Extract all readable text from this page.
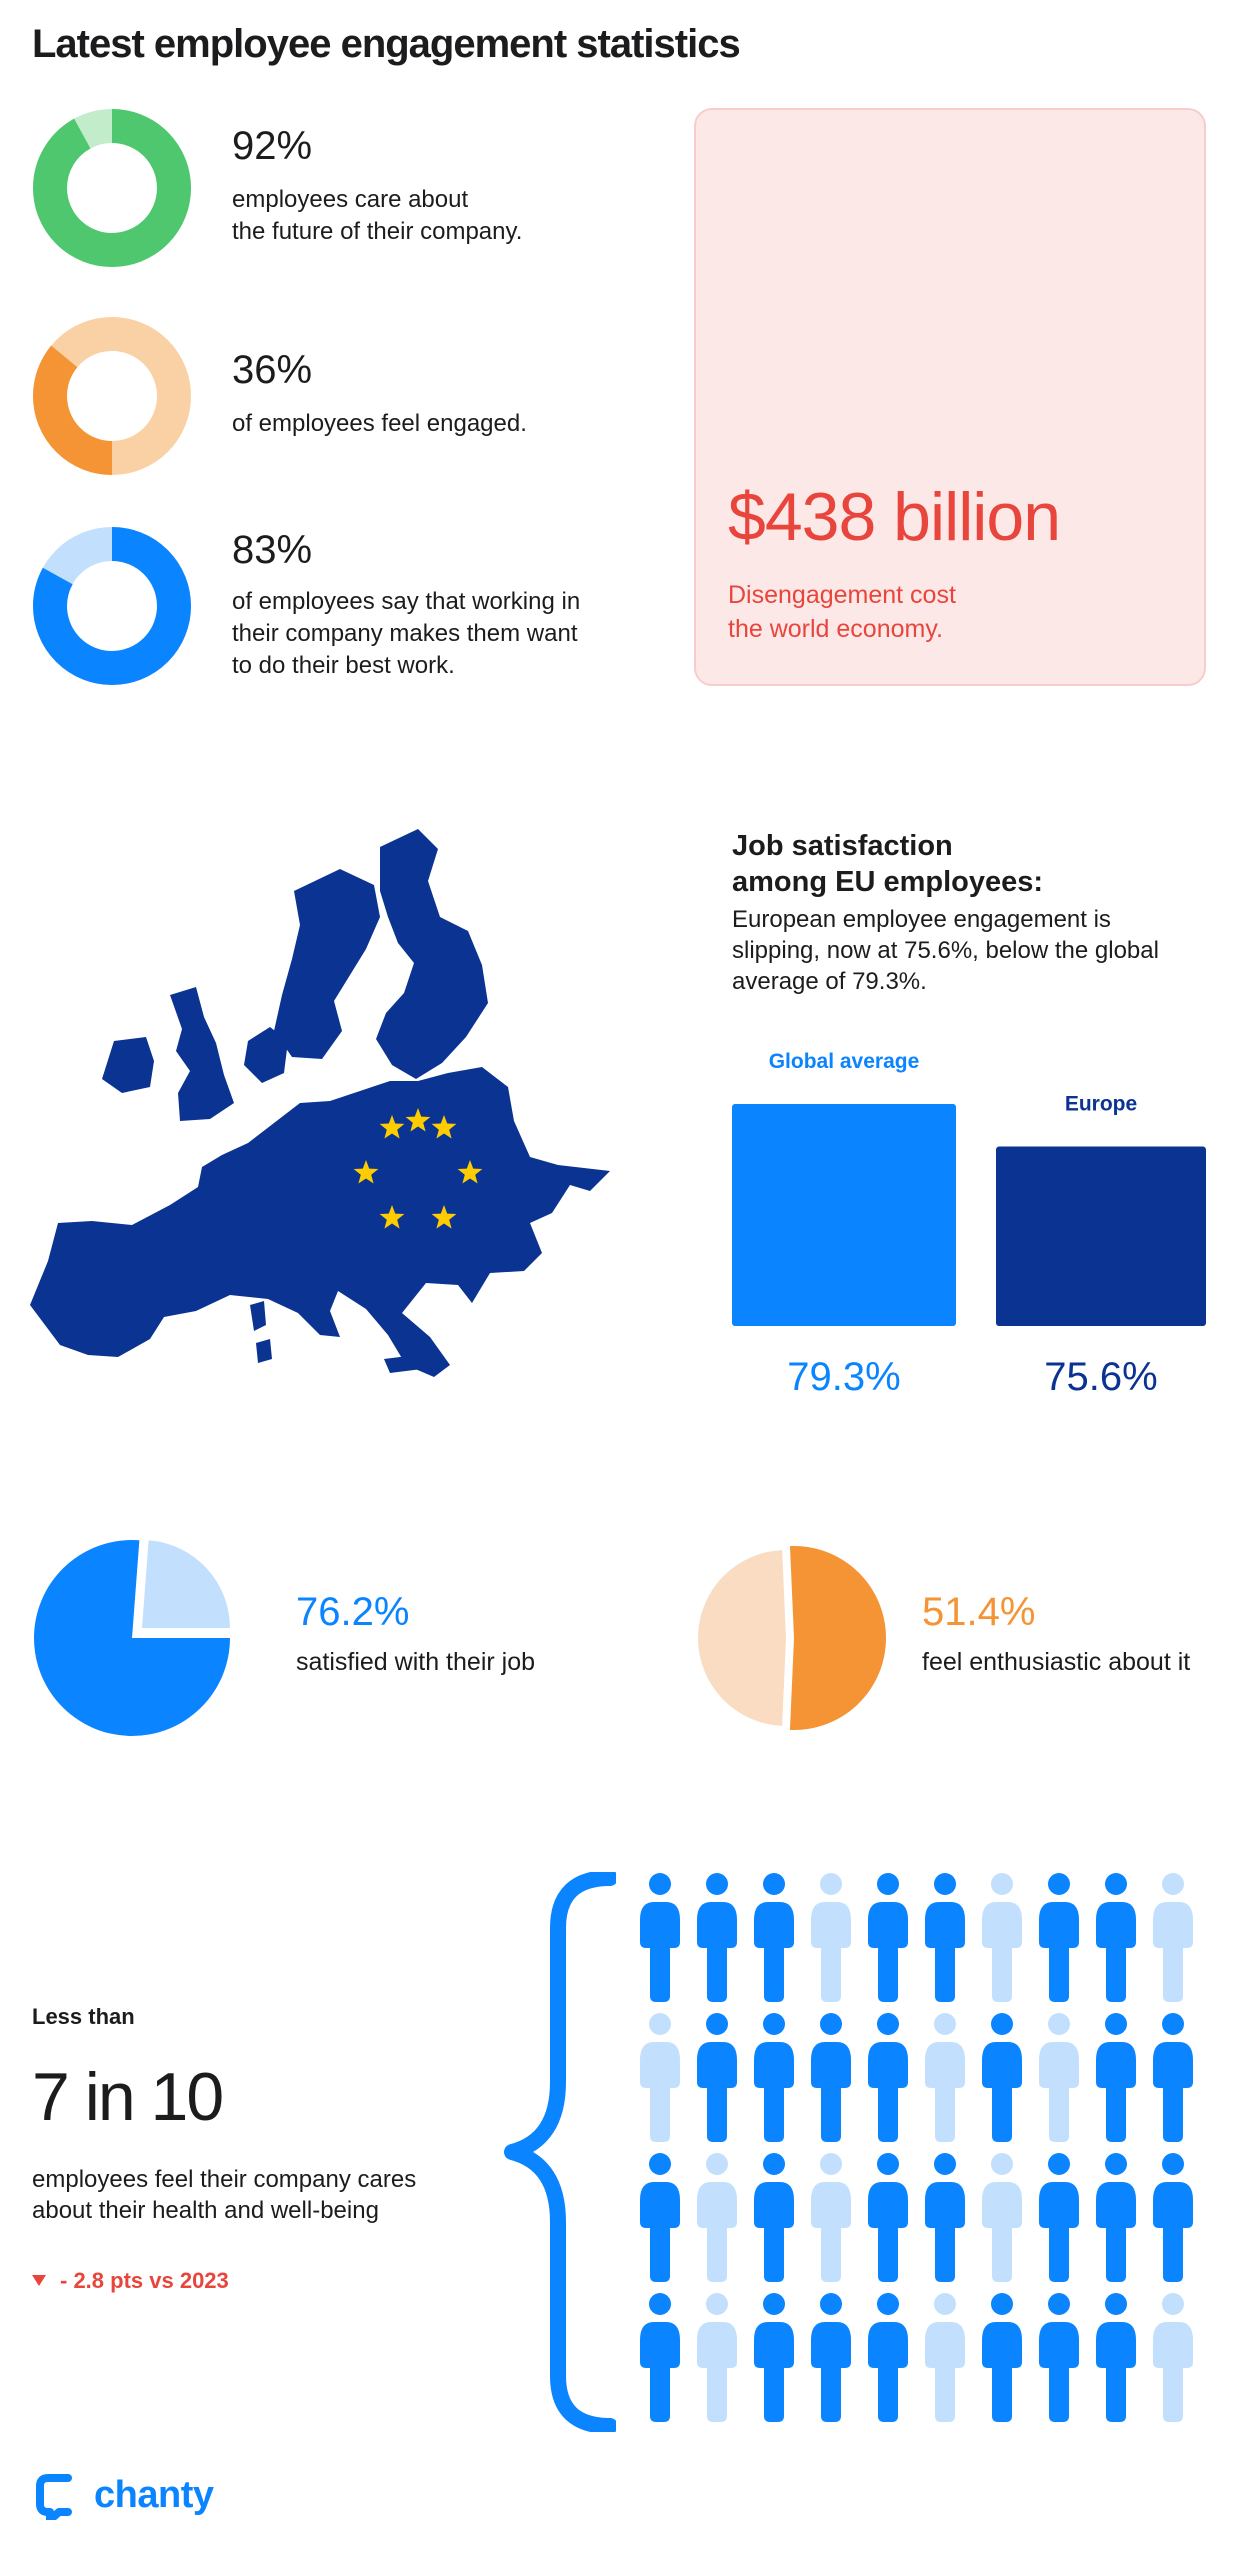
Latest employee engagement statistics
92%
employees care about
the future of their company.
36%
of employees feel engaged.
83%
of employees say that working in
their company makes them want
to do their best work.
$438 billion
Disengagement cost
the world economy.
Job satisfaction
among EU employees:
European employee engagement is slipping, now at 75.6%, below the global average of 79.3%.
Global average
79.3%
Europe
75.6%
76.2%
satisfied with their job
51.4%
feel enthusiastic about it
Less than
7 in 10
employees feel their company cares
about their health and well-being
- 2.8 pts vs 2023
chanty
